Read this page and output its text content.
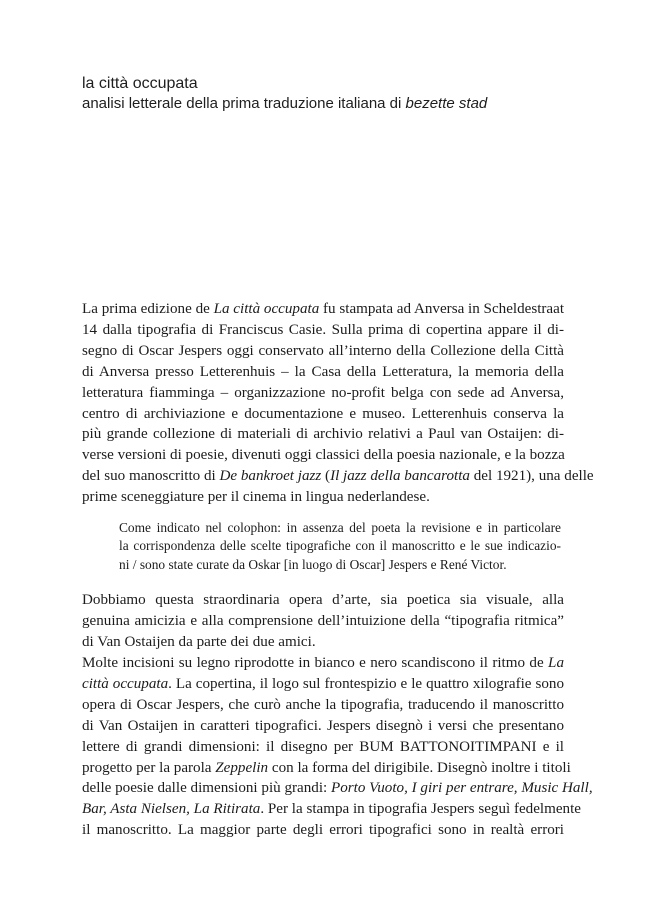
la città occupata

analisi letterale della prima traduzione italiana di bezette stad

La prima edizione de La città occupata fu stampata ad Anversa in Scheldestraat
14 dalla tipografia di Franciscus Casie. Sulla prima di copertina appare il di-
segno di Oscar Jespers oggi conservato all’interno della Collezione della Città
di Anversa presso Letterenhuis – la Casa della Letteratura, la memoria della
letteratura fiamminga – organizzazione no-profit belga con sede ad Anversa,
centro di archiviazione e documentazione e museo. Letterenhuis conserva la
più grande collezione di materiali di archivio relativi a Paul van Ostaijen: di-
verse versioni di poesie, divenuti oggi classici della poesia nazionale, e la bozza
del suo manoscritto di De bankroet jazz (Il jazz della bancarotta del 1921), una delle
prime sceneggiature per il cinema in lingua nederlandese.

Come indicato nel colophon: in assenza del poeta la revisione e in particolare
la corrispondenza delle scelte tipografiche con il manoscritto e le sue indicazio-
ni / sono state curate da Oskar [in luogo di Oscar] Jespers e René Victor.

Dobbiamo questa straordinaria opera d’arte, sia poetica sia visuale, alla
genuina amicizia e alla comprensione dell’intuizione della “tipografia ritmica”
di Van Ostaijen da parte dei due amici.

Molte incisioni su legno riprodotte in bianco e nero scandiscono il ritmo de La
città occupata. La copertina, il logo sul frontespizio e le quattro xilografie sono
opera di Oscar Jespers, che curò anche la tipografia, traducendo il manoscritto
di Van Ostaijen in caratteri tipografici. Jespers disegnò i versi che presentano
lettere di grandi dimensioni: il disegno per BUM BATTONOITIMPANI e il
progetto per la parola Zeppelin con la forma del dirigibile. Disegnò inoltre i titoli
delle poesie dalle dimensioni più grandi: Porto Vuoto, I giri per entrare, Music Hall,
Bar, Asta Nielsen, La Ritirata. Per la stampa in tipografia Jespers seguì fedelmente
il manoscritto. La maggior parte degli errori tipografici sono in realtà errori
